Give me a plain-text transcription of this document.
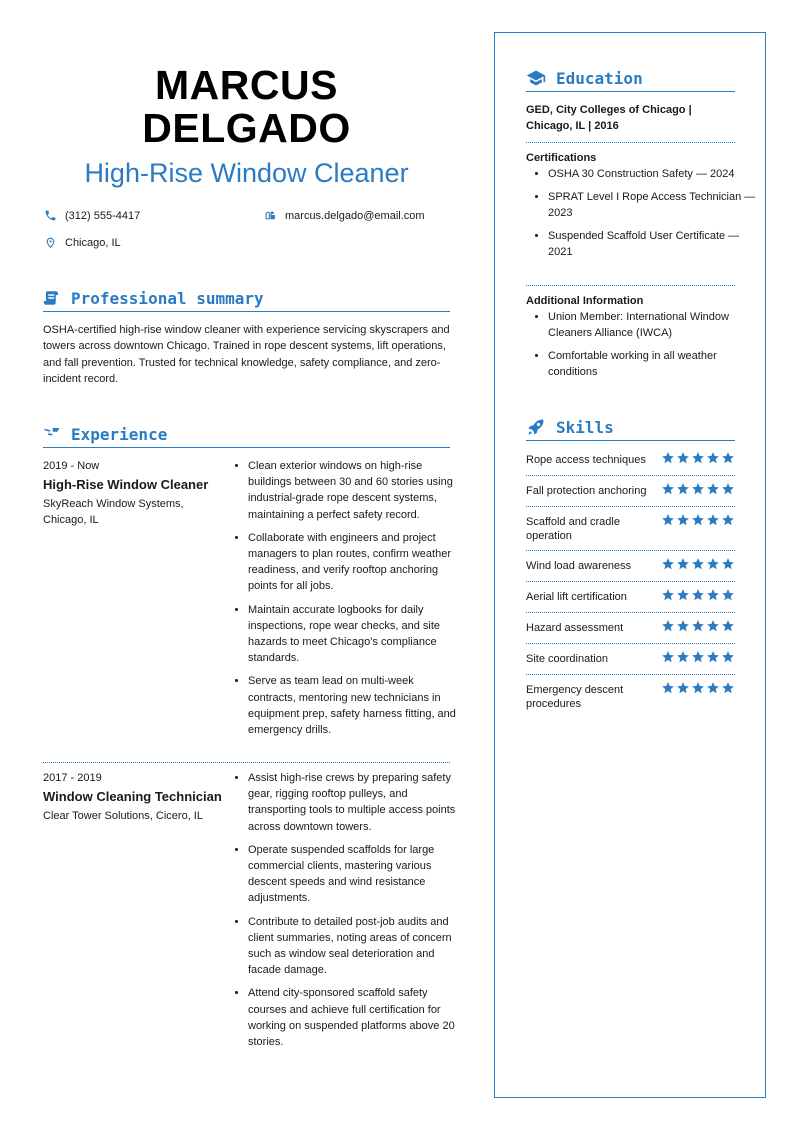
MARCUS
DELGADO
High-Rise Window Cleaner
(312) 555-4417	marcus.delgado@email.com
Chicago, IL
Professional summary

OSHA-certified high-rise window cleaner with experience servicing skyscrapers and towers across downtown Chicago. Trained in rope descent systems, lift operations, and fall prevention. Trusted for technical knowledge, safety compliance, and zero-incident record.

Experience
2019 - Now
High-Rise Window Cleaner
SkyReach Window Systems, Chicago, IL
• Clean exterior windows on high-rise buildings between 30 and 60 stories using industrial-grade rope descent systems, maintaining a perfect safety record.
• Collaborate with engineers and project managers to plan routes, confirm weather readiness, and verify rooftop anchoring points for all jobs.
• Maintain accurate logbooks for daily inspections, rope wear checks, and site hazards to meet Chicago's compliance standards.
• Serve as team lead on multi-week contracts, mentoring new technicians in equipment prep, safety harness fitting, and emergency drills.
2017 - 2019
Window Cleaning Technician
Clear Tower Solutions, Cicero, IL
• Assist high-rise crews by preparing safety gear, rigging rooftop pulleys, and transporting tools to multiple access points across downtown towers.
• Operate suspended scaffolds for large commercial clients, mastering various descent speeds and wind resistance adjustments.
• Contribute to detailed post-job audits and client summaries, noting areas of concern such as window seal deterioration and facade damage.
• Attend city-sponsored scaffold safety courses and achieve full certification for working on suspended platforms above 20 stories.
Education
GED, City Colleges of Chicago | Chicago, IL | 2016
Certifications
• OSHA 30 Construction Safety — 2024
• SPRAT Level I Rope Access Technician — 2023
• Suspended Scaffold User Certificate — 2021
Additional Information
• Union Member: International Window Cleaners Alliance (IWCA)
• Comfortable working in all weather conditions
Skills
Rope access techniques
Fall protection anchoring
Scaffold and cradle operation
Wind load awareness
Aerial lift certification
Hazard assessment
Site coordination
Emergency descent procedures
